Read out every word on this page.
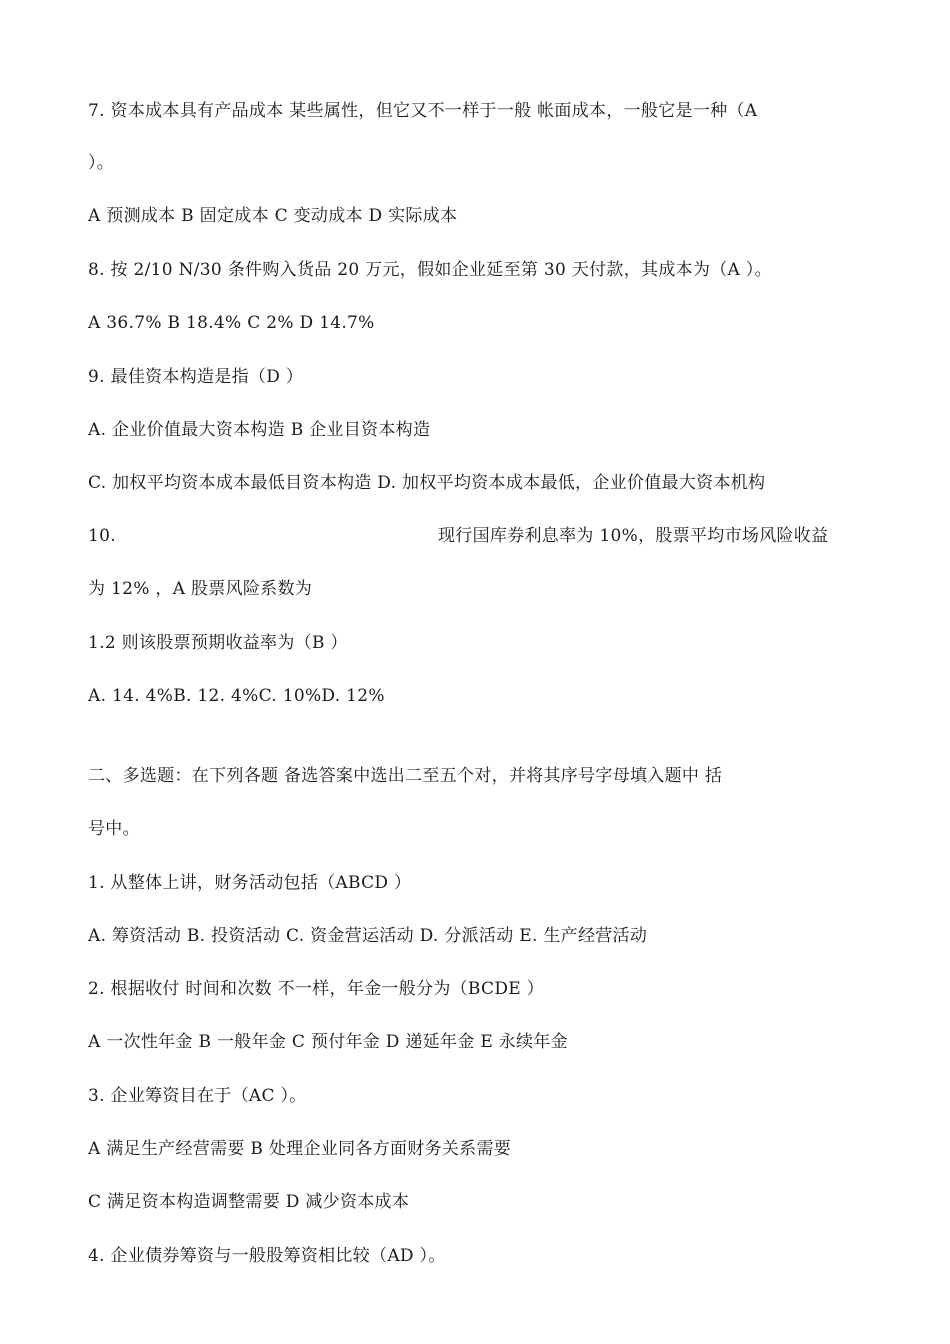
7. 资本成本具有产品成本 某些属性，但它又不一样于一般 帐面成本，一般它是一种（A
）。
A 预测成本 B 固定成本 C 变动成本 D 实际成本
8. 按 2/10 N/30 条件购入货品 20 万元，假如企业延至第 30 天付款，其成本为（A ）。
A 36.7% B 18.4% C 2% D 14.7%
9. 最佳资本构造是指（D ）
A. 企业价值最大资本构造 B 企业目资本构造
C. 加权平均资本成本最低目资本构造 D. 加权平均资本成本最低，企业价值最大资本机构
10.	现行国库券利息率为 10%，股票平均市场风险收益
为 12% ，A 股票风险系数为
1.2 则该股票预期收益率为（B ）
A. 14. 4%B. 12. 4%C. 10%D. 12%
二、多选题：在下列各题 备选答案中选出二至五个对，并将其序号字母填入题中 括
号中。
1. 从整体上讲，财务活动包括（ABCD ）
A. 筹资活动 B. 投资活动 C. 资金营运活动 D. 分派活动 E. 生产经营活动
2. 根据收付 时间和次数 不一样，年金一般分为（BCDE ）
A 一次性年金 B 一般年金 C 预付年金 D 递延年金 E 永续年金
3. 企业筹资目在于（AC ）。
A 满足生产经营需要 B 处理企业同各方面财务关系需要
C 满足资本构造调整需要 D 减少资本成本
4. 企业债券筹资与一般股筹资相比较（AD ）。
